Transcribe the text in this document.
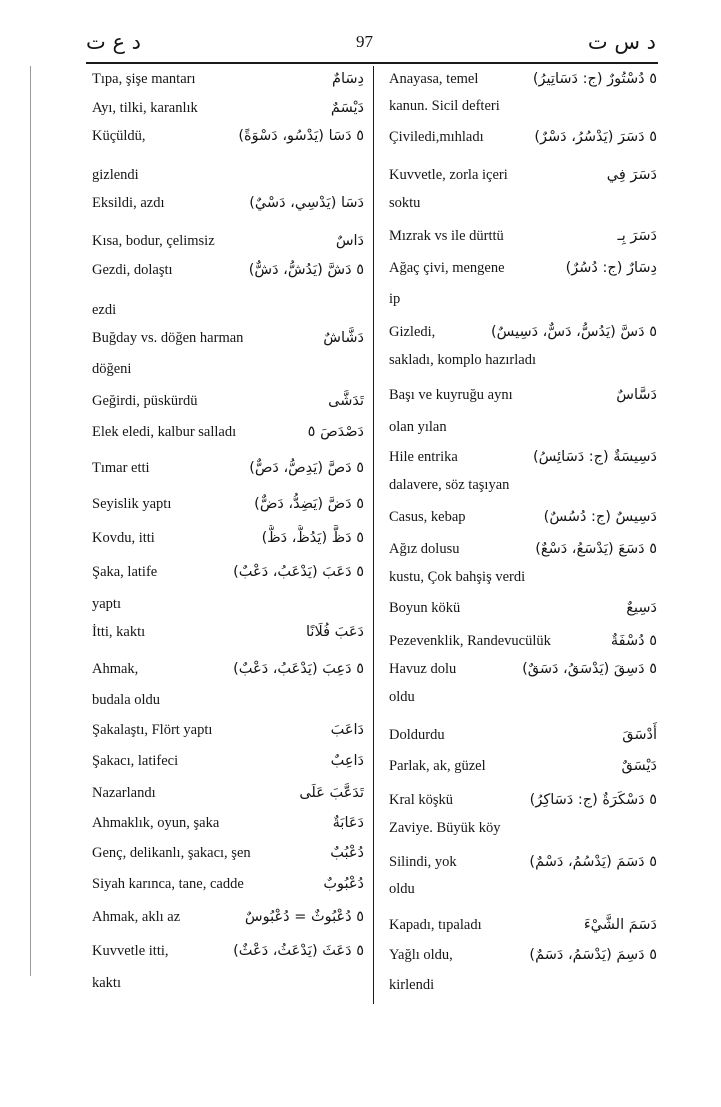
د ع ت	97	د س ت
Tıpa, şişe mantarı	دِسَامٌ
Ayı, tilki, karanlık	دَيْسَمٌ
Küçüldü,	٥ دَسَا (يَدْسُو، دَسْوَةً)
gizlendi
Eksildi, azdı	دَسَا (يَدْسِي، دَسْيٌ)
Kısa, bodur, çelimsiz	دَاسٌ
Gezdi, dolaştı	٥ دَشَّ (يَدُشُّ، دَشٌّ)
ezdi
Buğday vs. döğen harman	دَشَّاشٌ
döğeni
Geğirdi, püskürdü	تَدَشَّى
Elek eledi, kalbur salladı	دَصْدَصَ ٥
Tımar etti	٥ دَصَّ (يَدِصُّ، دَصٌّ)
Seyislik yaptı	٥ دَضَّ (يَضِدُّ، دَضٌّ)
Kovdu, itti	٥ دَظَّ (يَدُظُّ، دَظٌّ)
Şaka, latife	٥ دَعَبَ (يَدْعَبُ، دَعْبٌ)
yaptı
İtti, kaktı	دَعَبَ فُلَانًا
Ahmak,	٥ دَعِبَ (يَدْعَبُ، دَعْبٌ)
budala oldu
Şakalaştı, Flört yaptı	دَاعَبَ
Şakacı, latifeci	دَاعِبٌ
Nazarlandı	تَدَعَّبَ عَلَى
Ahmaklık, oyun, şaka	دَعَابَةٌ
Genç, delikanlı, şakacı, şen	دُعْبُبٌ
Siyah karınca, tane, cadde	دُعْبُوبٌ
Ahmak, aklı az	٥ دُعْبُوثٌ = دُعْبُوسٌ
Kuvvetle itti,	٥ دَعَثَ (يَدْعَثُ، دَعْثٌ)
kaktı
Anayasa, temel	٥ دُسْتُورٌ (ج: دَسَاتِيرُ)
kanun. Sicil defteri
Çiviledi,mıhladı	٥ دَسَرَ (يَدْسُرُ، دَسْرٌ)
Kuvvetle, zorla içeri	دَسَرَ فِي
soktu
Mızrak vs ile dürttü	دَسَرَ بِـ
Ağaç çivi, mengene	دِسَارٌ (ج: دُسُرٌ)
ip
Gizledi,	٥ دَسَّ (يَدُسُّ، دَسٌّ، دَسِيسٌ)
sakladı, komplo hazırladı
Başı ve kuyruğu aynı	دَسَّاسٌ
olan yılan
Hile entrika	دَسِيسَةٌ (ج: دَسَائِسُ)
dalavere, söz taşıyan
Casus, kebap	دَسِيسٌ (ج: دُسُسٌ)
Ağız dolusu	٥ دَسَعَ (يَدْسَعُ، دَسْعٌ)
kustu, Çok bahşiş verdi
Boyun kökü	دَسِيعٌ
Pezevenklik, Randevucülük	٥ دُسْفَةٌ
Havuz dolu	٥ دَسِقَ (يَدْسَقُ، دَسَقٌ)
oldu
Doldurdu	أَدْسَقَ
Parlak, ak, güzel	دَيْسَقٌ
Kral köşkü	٥ دَسْكَرَةٌ (ج: دَسَاكِرُ)
Zaviye. Büyük köy
Silindi, yok	٥ دَسَمَ (يَدْسُمُ، دَسْمٌ)
oldu
Kapadı, tıpaladı	دَسَمَ الشَّيْءَ
Yağlı oldu,	٥ دَسِمَ (يَدْسَمُ، دَسَمٌ)
kirlendi
